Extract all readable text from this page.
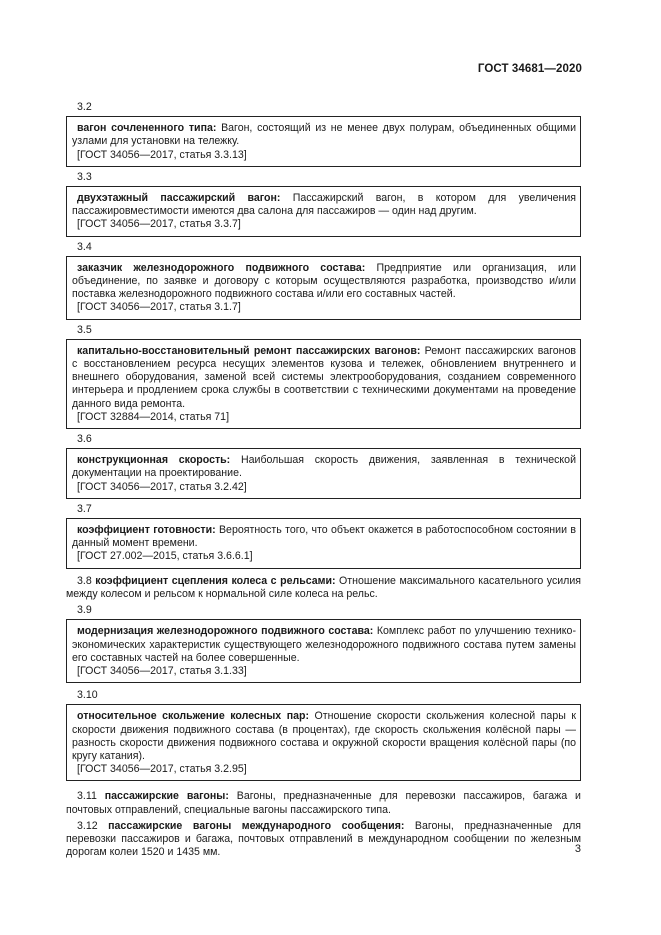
ГОСТ 34681—2020
3.2

вагон сочлененного типа: Вагон, состоящий из не менее двух полурам, объединенных общими узлами для установки на тележку.

[ГОСТ 34056—2017, статья 3.3.13]

3.3

двухэтажный пассажирский вагон: Пассажирский вагон, в котором для увеличения пассажировместимости имеются два салона для пассажиров — один над другим.

[ГОСТ 34056—2017, статья 3.3.7]

3.4

заказчик железнодорожного подвижного состава: Предприятие или организация, или объединение, по заявке и договору с которым осуществляются разработка, производство и/или поставка железнодорожного подвижного состава и/или его составных частей.

[ГОСТ 34056—2017, статья 3.1.7]

3.5

капитально-восстановительный ремонт пассажирских вагонов: Ремонт пассажирских вагонов с восстановлением ресурса несущих элементов кузова и тележек, обновлением внутреннего и внешнего оборудования, заменой всей системы электрооборудования, созданием современного интерьера и продлением срока службы в соответствии с техническими документами на проведение данного вида ремонта.

[ГОСТ 32884—2014, статья 71]

3.6

конструкционная скорость: Наибольшая скорость движения, заявленная в технической документации на проектирование.

[ГОСТ 34056—2017, статья 3.2.42]

3.7

коэффициент готовности: Вероятность того, что объект окажется в работоспособном состоянии в данный момент времени.

[ГОСТ 27.002—2015, статья 3.6.6.1]

3.8 коэффициент сцепления колеса с рельсами: Отношение максимального касательного усилия между колесом и рельсом к нормальной силе колеса на рельс.

3.9

модернизация железнодорожного подвижного состава: Комплекс работ по улучшению технико-экономических характеристик существующего железнодорожного подвижного состава путем замены его составных частей на более совершенные.

[ГОСТ 34056—2017, статья 3.1.33]

3.10

относительное скольжение колесных пар: Отношение скорости скольжения колесной пары к скорости движения подвижного состава (в процентах), где скорость скольжения колёсной пары — разность скорости движения подвижного состава и окружной скорости вращения колёсной пары (по кругу катания).

[ГОСТ 34056—2017, статья 3.2.95]

3.11 пассажирские вагоны: Вагоны, предназначенные для перевозки пассажиров, багажа и почтовых отправлений, специальные вагоны пассажирского типа.

3.12 пассажирские вагоны международного сообщения: Вагоны, предназначенные для перевозки пассажиров и багажа, почтовых отправлений в международном сообщении по железным дорогам колеи 1520 и 1435 мм.	3
